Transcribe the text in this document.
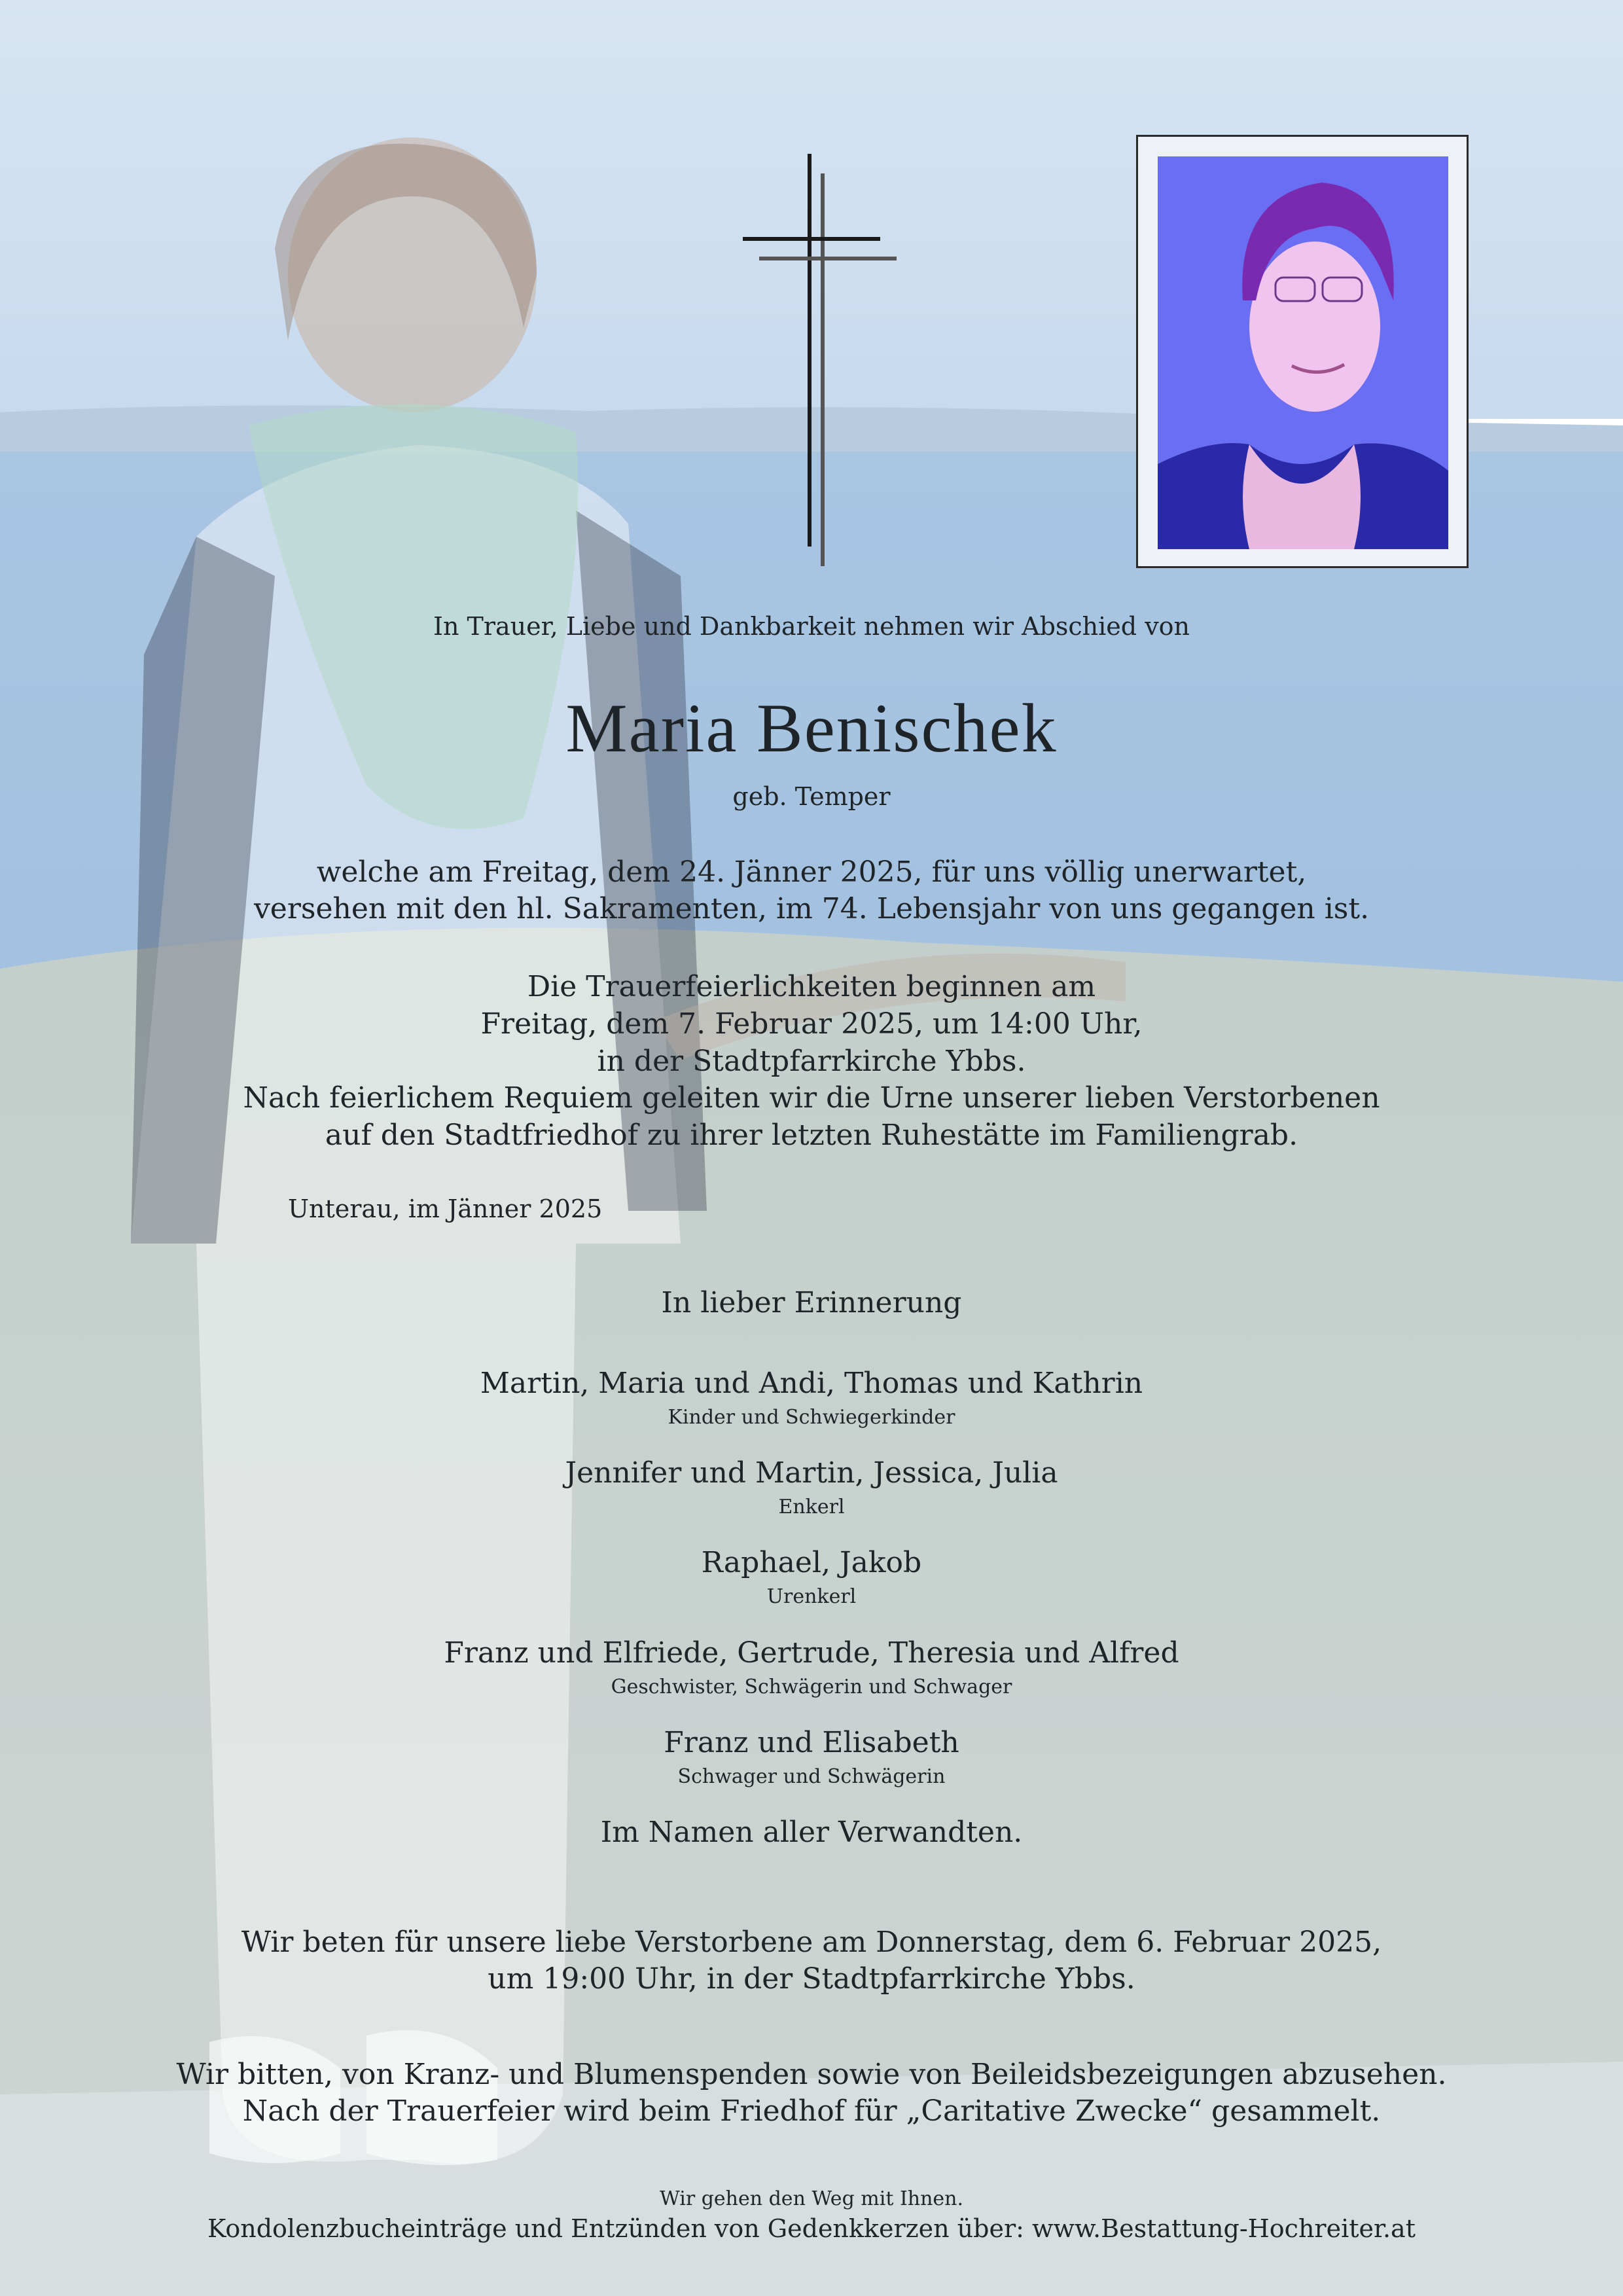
In Trauer, Liebe und Dankbarkeit nehmen wir Abschied von
Maria Benischek
geb. Temper
welche am Freitag, dem 24. Jänner 2025, für uns völlig unerwartet,
versehen mit den hl. Sakramenten, im 74. Lebensjahr von uns gegangen ist.
Die Trauerfeierlichkeiten beginnen am
Freitag, dem 7. Februar 2025, um 14:00 Uhr,
in der Stadtpfarrkirche Ybbs.
Nach feierlichem Requiem geleiten wir die Urne unserer lieben Verstorbenen
auf den Stadtfriedhof zu ihrer letzten Ruhestätte im Familiengrab.
Unterau, im Jänner 2025
In lieber Erinnerung
Martin, Maria und Andi, Thomas und Kathrin
Kinder und Schwiegerkinder
Jennifer und Martin, Jessica, Julia
Enkerl
Raphael, Jakob
Urenkerl
Franz und Elfriede, Gertrude, Theresia und Alfred
Geschwister, Schwägerin und Schwager
Franz und Elisabeth
Schwager und Schwägerin
Im Namen aller Verwandten.
Wir beten für unsere liebe Verstorbene am Donnerstag, dem 6. Februar 2025,
um 19:00 Uhr, in der Stadtpfarrkirche Ybbs.
Wir bitten, von Kranz- und Blumenspenden sowie von Beileidsbezeigungen abzusehen.
Nach der Trauerfeier wird beim Friedhof für „Caritative Zwecke“ gesammelt.
Wir gehen den Weg mit Ihnen.
Kondolenzbucheinträge und Entzünden von Gedenkkerzen über: www.Bestattung-Hochreiter.at
